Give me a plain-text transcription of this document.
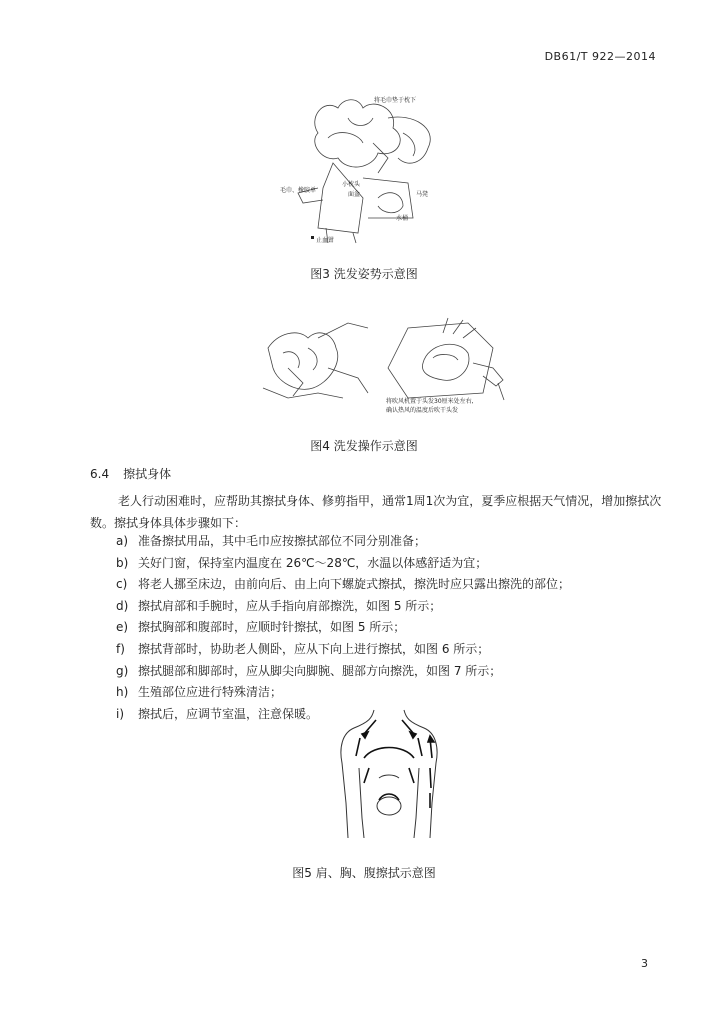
DB61/T 922—2014
将毛巾垫于枕下
毛巾、橡胶单
面盆
小枕头
马凳
水桶
止血钳
图3 洗发姿势示意图
将吹风机置于头发30厘米处左右,
确认热风的温度后吹干头发
图4 洗发操作示意图
6.4 擦拭身体
老人行动困难时，应帮助其擦拭身体、修剪指甲，通常1周1次为宜，夏季应根据天气情况，增加擦拭次数。擦拭身体具体步骤如下：
a) 准备擦拭用品，其中毛巾应按擦拭部位不同分别准备；
b) 关好门窗，保持室内温度在 26℃～28℃，水温以体感舒适为宜；
c) 将老人挪至床边，由前向后、由上向下螺旋式擦拭，擦洗时应只露出擦洗的部位；
d) 擦拭肩部和手腕时，应从手指向肩部擦洗，如图 5 所示；
e) 擦拭胸部和腹部时，应顺时针擦拭，如图 5 所示；
f)	擦拭背部时，协助老人侧卧，应从下向上进行擦拭，如图 6 所示；
g) 擦拭腿部和脚部时，应从脚尖向脚腕、腿部方向擦洗，如图 7 所示；
h) 生殖部位应进行特殊清洁；
i)	擦拭后，应调节室温，注意保暖。
图5 肩、胸、腹擦拭示意图
3
